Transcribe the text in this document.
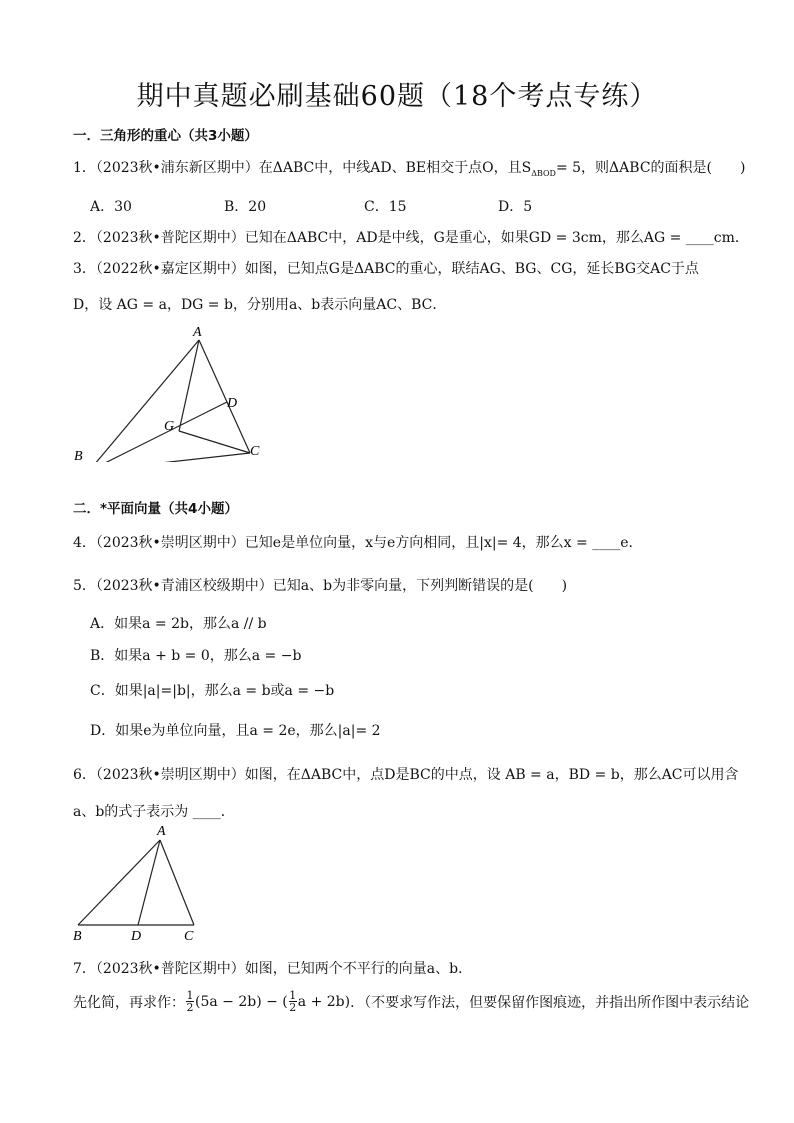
期中真题必刷基础60题（18个考点专练）
一．三角形的重心（共3小题）
1．（2023秋•浦东新区期中）在ΔABC中，中线AD、BE相交于点O，且$S_{\Delta BOD}= 5$，则ΔABC的面积是(　　)
A．30	B．20	C．15	D．5
2．（2023秋•普陀区期中）已知在ΔABC中，AD是中线，G是重心，如果GD = 3cm，那么AG = ____cm．
3．（2022秋•嘉定区期中）如图，已知点G是ΔABC的重心，联结AG、BG、CG，延长BG交AC于点
D，设 AG = a，DG = b，分别用a、b表示向量AC、BC．
A
B	C
D
G
二．*平面向量（共4小题）
4．（2023秋•崇明区期中）已知e是单位向量，x与e方向相同，且|x|= 4，那么x = ____e．
5．（2023秋•青浦区校级期中）已知a、b为非零向量，下列判断错误的是(　　)
A．如果a = 2b，那么a // b
B．如果a + b = 0，那么a = −b
C．如果|a|=|b|，那么a = b或a = −b
D．如果e为单位向量，且a = 2e，那么|a|= 2
6．（2023秋•崇明区期中）如图，在ΔABC中，点D是BC的中点，设 AB = a，BD = b，那么AC可以用含
a、b的式子表示为 ____．
A
B	D	C
7．（2023秋•普陀区期中）如图，已知两个不平行的向量a、b．
先化简，再求作： 1
2 (5a − 2b) − ( 1
2 a + 2b) ．（不要求写作法，但要保留作图痕迹，并指出所作图中表示结论
